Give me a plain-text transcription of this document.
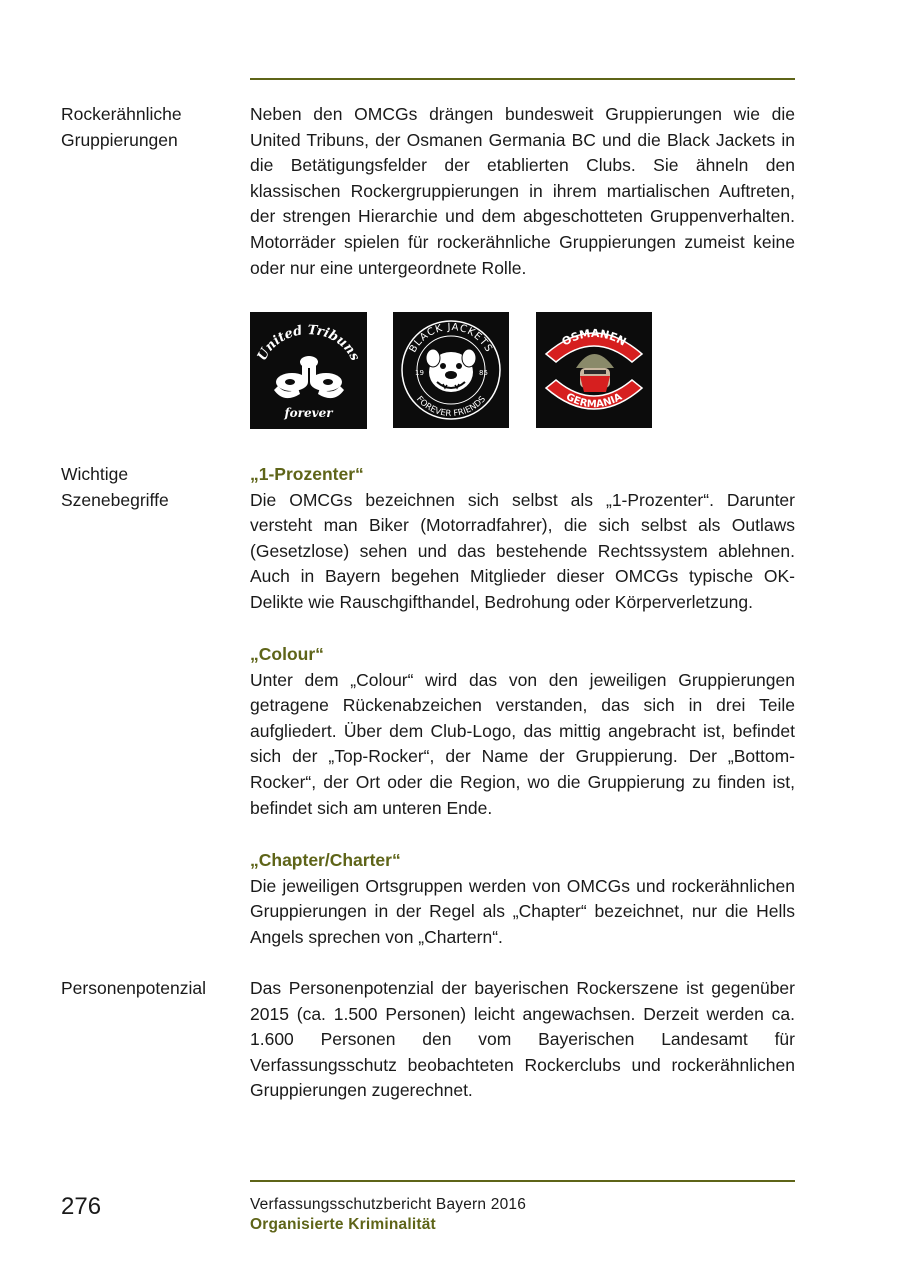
Rockerähnliche
Gruppierungen

Neben den OMCGs drängen bundesweit Gruppierungen wie die United Tribuns, der Osmanen Germania BC und die Black Jackets in die Betätigungsfelder der etablierten Clubs. Sie ähneln den klassischen Rockergruppierungen in ihrem martialischen Auftreten, der strengen Hierarchie und dem abgeschotteten Gruppenverhalten. Motorräder spielen für rockerähnliche Gruppierungen zumeist keine oder nur eine untergeordnete Rolle.

United Tribuns
forever
BLACK JACKETS
FOREVER FRIENDS
19	85
OSMANEN
GERMANIA
Wichtige
Szenebegriffe
„1-Prozenter“

Die OMCGs bezeichnen sich selbst als „1-Prozenter“. Darunter versteht man Biker (Motorradfahrer), die sich selbst als Outlaws (Gesetzlose) sehen und das bestehende Rechtssystem ablehnen. Auch in Bayern begehen Mitglieder dieser OMCGs typische OK-Delikte wie Rauschgifthandel, Bedrohung oder Körperverletzung.

„Colour“

Unter dem „Colour“ wird das von den jeweiligen Gruppierungen getragene Rückenabzeichen verstanden, das sich in drei Teile aufgliedert. Über dem Club-Logo, das mittig angebracht ist, befindet sich der „Top-Rocker“, der Name der Gruppierung. Der „Bottom-Rocker“, der Ort oder die Region, wo die Gruppierung zu finden ist, befindet sich am unteren Ende.

„Chapter/Charter“

Die jeweiligen Ortsgruppen werden von OMCGs und rockerähnlichen Gruppierungen in der Regel als „Chapter“ bezeichnet, nur die Hells Angels sprechen von „Chartern“.

Personenpotenzial	Das Personenpotenzial der bayerischen Rockerszene ist gegenüber 2015 (ca. 1.500 Personen) leicht angewachsen. Derzeit werden ca. 1.600 Personen den vom Bayerischen Landesamt für Verfassungsschutz beobachteten Rockerclubs und rockerähnlichen Gruppierungen zugerechnet.

276	Verfassungsschutzbericht Bayern 2016
Organisierte Kriminalität
